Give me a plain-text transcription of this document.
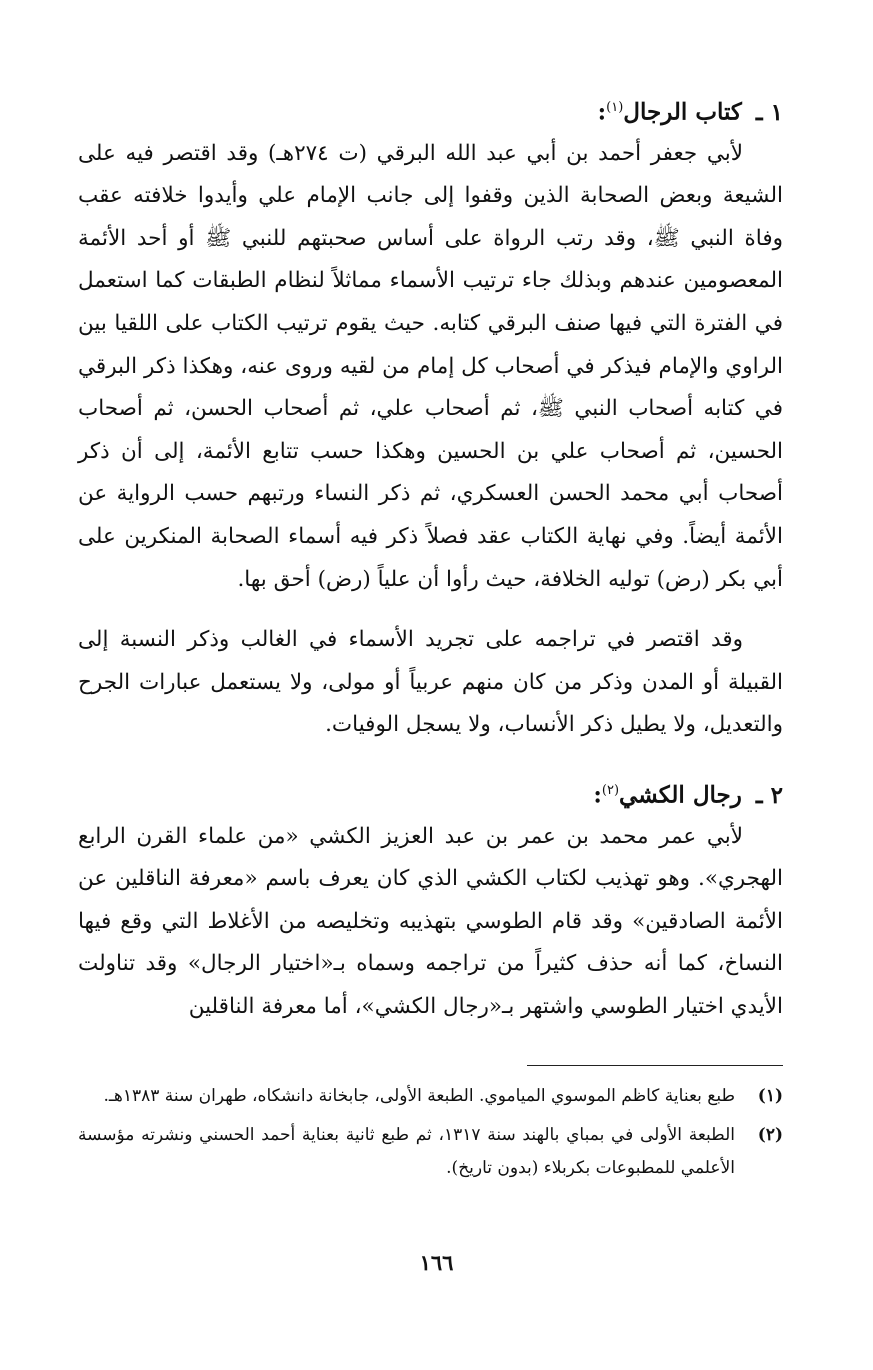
١ ـ كتاب الرجال$^{(١)}$:

لأبي جعفر أحمد بن أبي عبد الله البرقي (ت ٢٧٤هـ) وقد اقتصر فيه على الشيعة وبعض الصحابة الذين وقفوا إلى جانب الإمام علي وأيدوا خلافته عقب وفاة النبي ﷺ، وقد رتب الرواة على أساس صحبتهم للنبي ﷺ أو أحد الأئمة المعصومين عندهم وبذلك جاء ترتيب الأسماء مماثلاً لنظام الطبقات كما استعمل في الفترة التي فيها صنف البرقي كتابه. حيث يقوم ترتيب الكتاب على اللقيا بين الراوي والإمام فيذكر في أصحاب كل إمام من لقيه وروى عنه، وهكذا ذكر البرقي في كتابه أصحاب النبي ﷺ، ثم أصحاب علي، ثم أصحاب الحسن، ثم أصحاب الحسين، ثم أصحاب علي بن الحسين وهكذا حسب تتابع الأئمة، إلى أن ذكر أصحاب أبي محمد الحسن العسكري، ثم ذكر النساء ورتبهم حسب الرواية عن الأئمة أيضاً. وفي نهاية الكتاب عقد فصلاً ذكر فيه أسماء الصحابة المنكرين على أبي بكر (رض) توليه الخلافة، حيث رأوا أن علياً (رض) أحق بها.

وقد اقتصر في تراجمه على تجريد الأسماء في الغالب وذكر النسبة إلى القبيلة أو المدن وذكر من كان منهم عربياً أو مولى، ولا يستعمل عبارات الجرح والتعديل، ولا يطيل ذكر الأنساب، ولا يسجل الوفيات.

٢ ـ رجال الكشي$^{(٢)}$:

لأبي عمر محمد بن عمر بن عبد العزيز الكشي «من علماء القرن الرابع الهجري». وهو تهذيب لكتاب الكشي الذي كان يعرف باسم «معرفة الناقلين عن الأئمة الصادقين» وقد قام الطوسي بتهذيبه وتخليصه من الأغلاط التي وقع فيها النساخ، كما أنه حذف كثيراً من تراجمه وسماه بـ«اختيار الرجال» وقد تناولت الأيدي اختيار الطوسي واشتهر بـ«رجال الكشي»، أما معرفة الناقلين

(١)
طبع بعناية كاظم الموسوي المياموي. الطبعة الأولى، جابخانة دانشكاه، طهران سنة ١٣٨٣هـ.
(٢)
الطبعة الأولى في بمباي بالهند سنة ١٣١٧، ثم طبع ثانية بعناية أحمد الحسني ونشرته مؤسسة الأعلمي للمطبوعات بكربلاء (بدون تاريخ).
١٦٦
